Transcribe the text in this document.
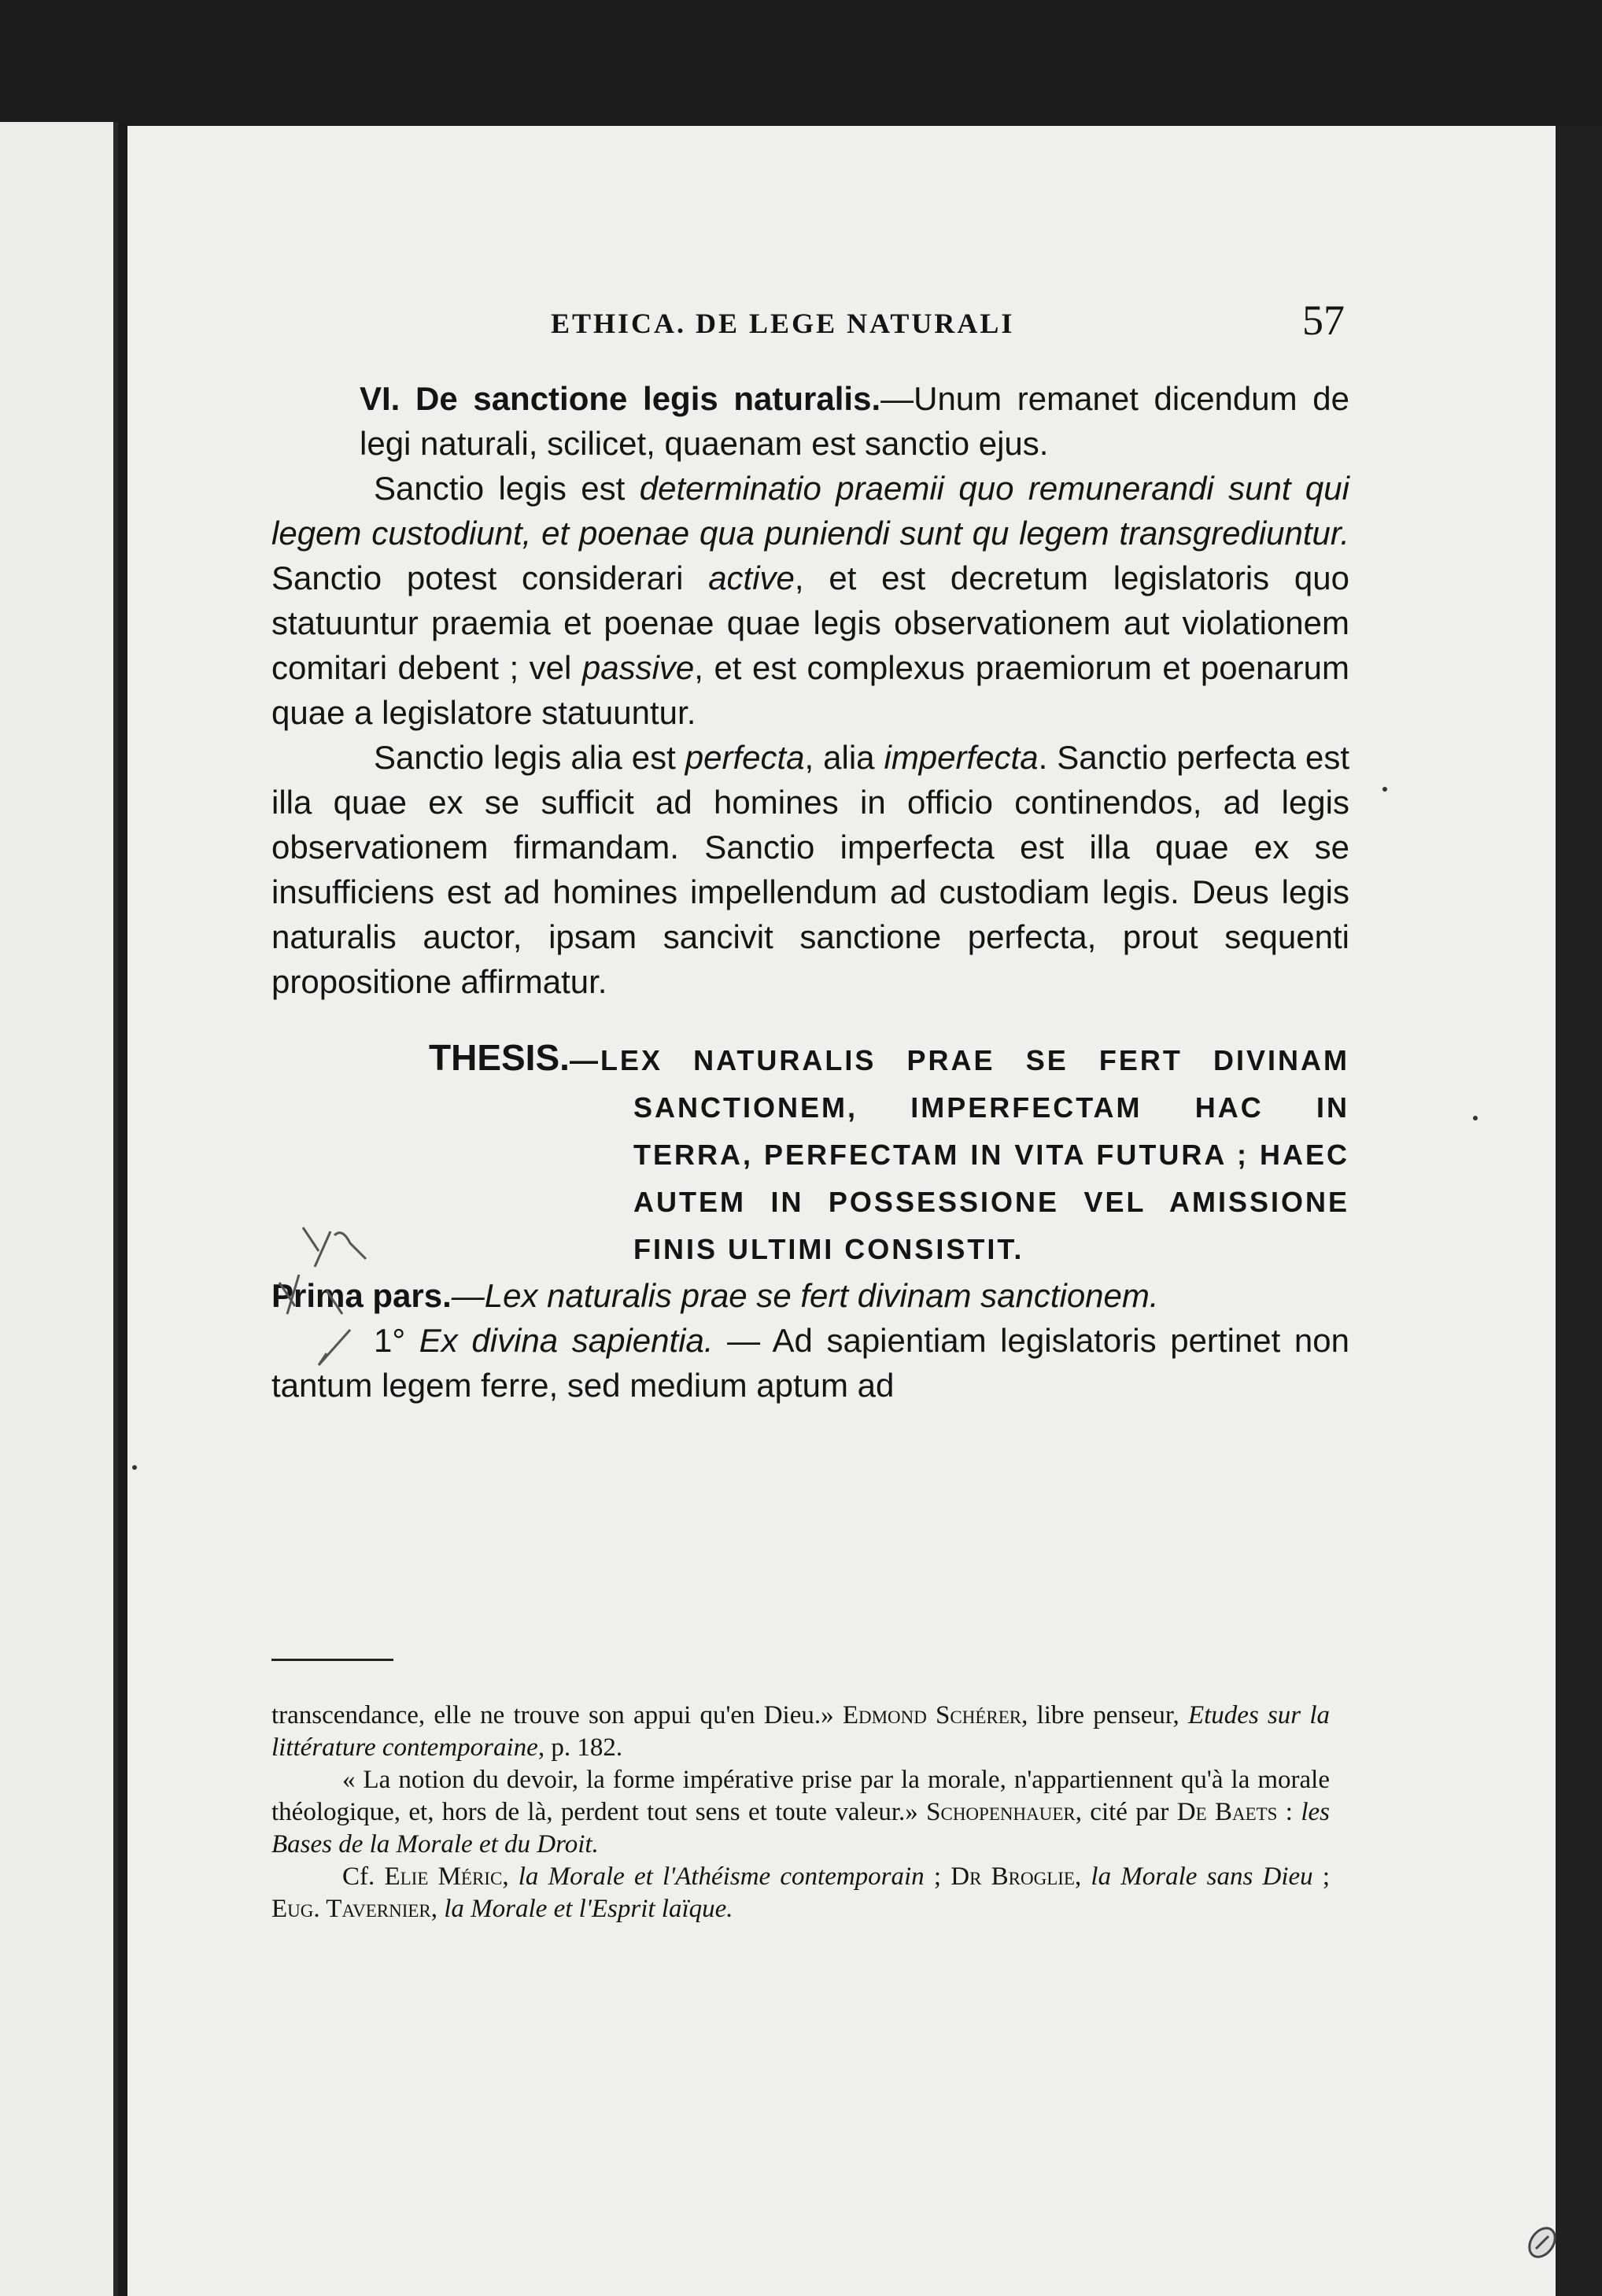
ETHICA. DE LEGE NATURALI	57

VI. De sanctione legis naturalis.—Unum remanet dicendum de legi naturali, scilicet, quaenam est sanctio ejus.

Sanctio legis est determinatio praemii quo remunerandi sunt qui legem custodiunt, et poenae qua puniendi sunt qu legem transgrediuntur. Sanctio potest considerari active, et est decretum legislatoris quo statuuntur praemia et poenae quae legis observationem aut violationem comitari debent ; vel passive, et est complexus praemiorum et poenarum quae a legislatore statuuntur.

Sanctio legis alia est perfecta, alia imperfecta. Sanctio perfecta est illa quae ex se sufficit ad homines in officio continendos, ad legis observationem firmandam. Sanctio imperfecta est illa quae ex se insufficiens est ad homines impellendum ad custodiam legis. Deus legis naturalis auctor, ipsam sancivit sanctione perfecta, prout sequenti propositione affirmatur.

THESIS.—LEX NATURALIS PRAE SE FERT DIVINAM SANCTIONEM, IMPERFECTAM HAC IN TERRA, PERFECTAM IN VITA FUTURA ; HAEC AUTEM IN POSSESSIONE VEL AMISSIONE FINIS ULTIMI CONSISTIT.

Prima pars.—Lex naturalis prae se fert divinam sanctionem.

1° Ex divina sapientia. — Ad sapientiam legislatoris pertinet non tantum legem ferre, sed medium aptum ad

transcendance, elle ne trouve son appui qu'en Dieu.» Edmond Schérer, libre penseur, Etudes sur la littérature contemporaine, p. 182.

« La notion du devoir, la forme impérative prise par la morale, n'appartiennent qu'à la morale théologique, et, hors de là, perdent tout sens et toute valeur.» Schopenhauer, cité par De Baets : les Bases de la Morale et du Droit.

Cf. Elie Méric, la Morale et l'Athéisme contemporain ; Dr Broglie, la Morale sans Dieu ; Eug. Tavernier, la Morale et l'Esprit laïque.
